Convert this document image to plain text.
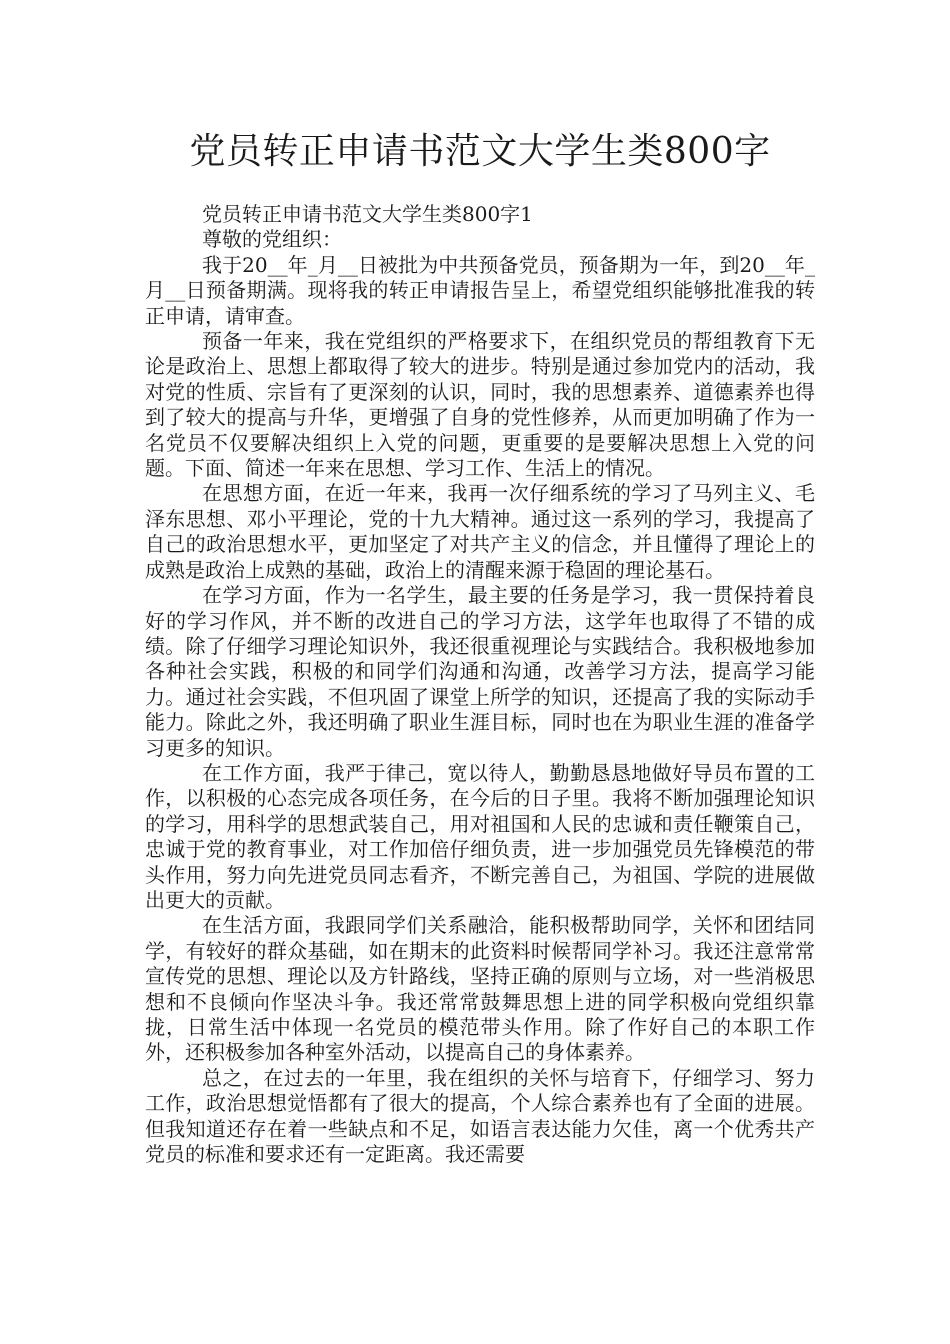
党员转正申请书范文大学生类800字

党员转正申请书范文大学生类800字1

尊敬的党组织：

我于20__年_月__日被批为中共预备党员，预备期为一年，到20__年_月__日预备期满。现将我的转正申请报告呈上，希望党组织能够批准我的转正申请，请审查。

预备一年来，我在党组织的严格要求下，在组织党员的帮组教育下无论是政治上、思想上都取得了较大的进步。特别是通过参加党内的活动，我对党的性质、宗旨有了更深刻的认识，同时，我的思想素养、道德素养也得到了较大的提高与升华，更增强了自身的党性修养，从而更加明确了作为一名党员不仅要解决组织上入党的问题，更重要的是要解决思想上入党的问题。下面、简述一年来在思想、学习工作、生活上的情况。

在思想方面，在近一年来，我再一次仔细系统的学习了马列主义、毛泽东思想、邓小平理论，党的十九大精神。通过这一系列的学习，我提高了自己的政治思想水平，更加坚定了对共产主义的信念，并且懂得了理论上的成熟是政治上成熟的基础，政治上的清醒来源于稳固的理论基石。

在学习方面，作为一名学生，最主要的任务是学习，我一贯保持着良好的学习作风，并不断的改进自己的学习方法，这学年也取得了不错的成绩。除了仔细学习理论知识外，我还很重视理论与实践结合。我积极地参加各种社会实践，积极的和同学们沟通和沟通，改善学习方法，提高学习能力。通过社会实践，不但巩固了课堂上所学的知识，还提高了我的实际动手能力。除此之外，我还明确了职业生涯目标，同时也在为职业生涯的准备学习更多的知识。

在工作方面，我严于律己，宽以待人，勤勤恳恳地做好导员布置的工作，以积极的心态完成各项任务，在今后的日子里。我将不断加强理论知识的学习，用科学的思想武装自己，用对祖国和人民的忠诚和责任鞭策自己，忠诚于党的教育事业，对工作加倍仔细负责，进一步加强党员先锋模范的带头作用，努力向先进党员同志看齐，不断完善自己，为祖国、学院的进展做出更大的贡献。

在生活方面，我跟同学们关系融洽，能积极帮助同学，关怀和团结同学，有较好的群众基础，如在期末的此资料时候帮同学补习。我还注意常常宣传党的思想、理论以及方针路线，坚持正确的原则与立场，对一些消极思想和不良倾向作坚决斗争。我还常常鼓舞思想上进的同学积极向党组织靠拢，日常生活中体现一名党员的模范带头作用。除了作好自己的本职工作外，还积极参加各种室外活动，以提高自己的身体素养。

总之，在过去的一年里，我在组织的关怀与培育下，仔细学习、努力工作，政治思想觉悟都有了很大的提高，个人综合素养也有了全面的进展。但我知道还存在着一些缺点和不足，如语言表达能力欠佳，离一个优秀共产党员的标准和要求还有一定距离。我还需要
